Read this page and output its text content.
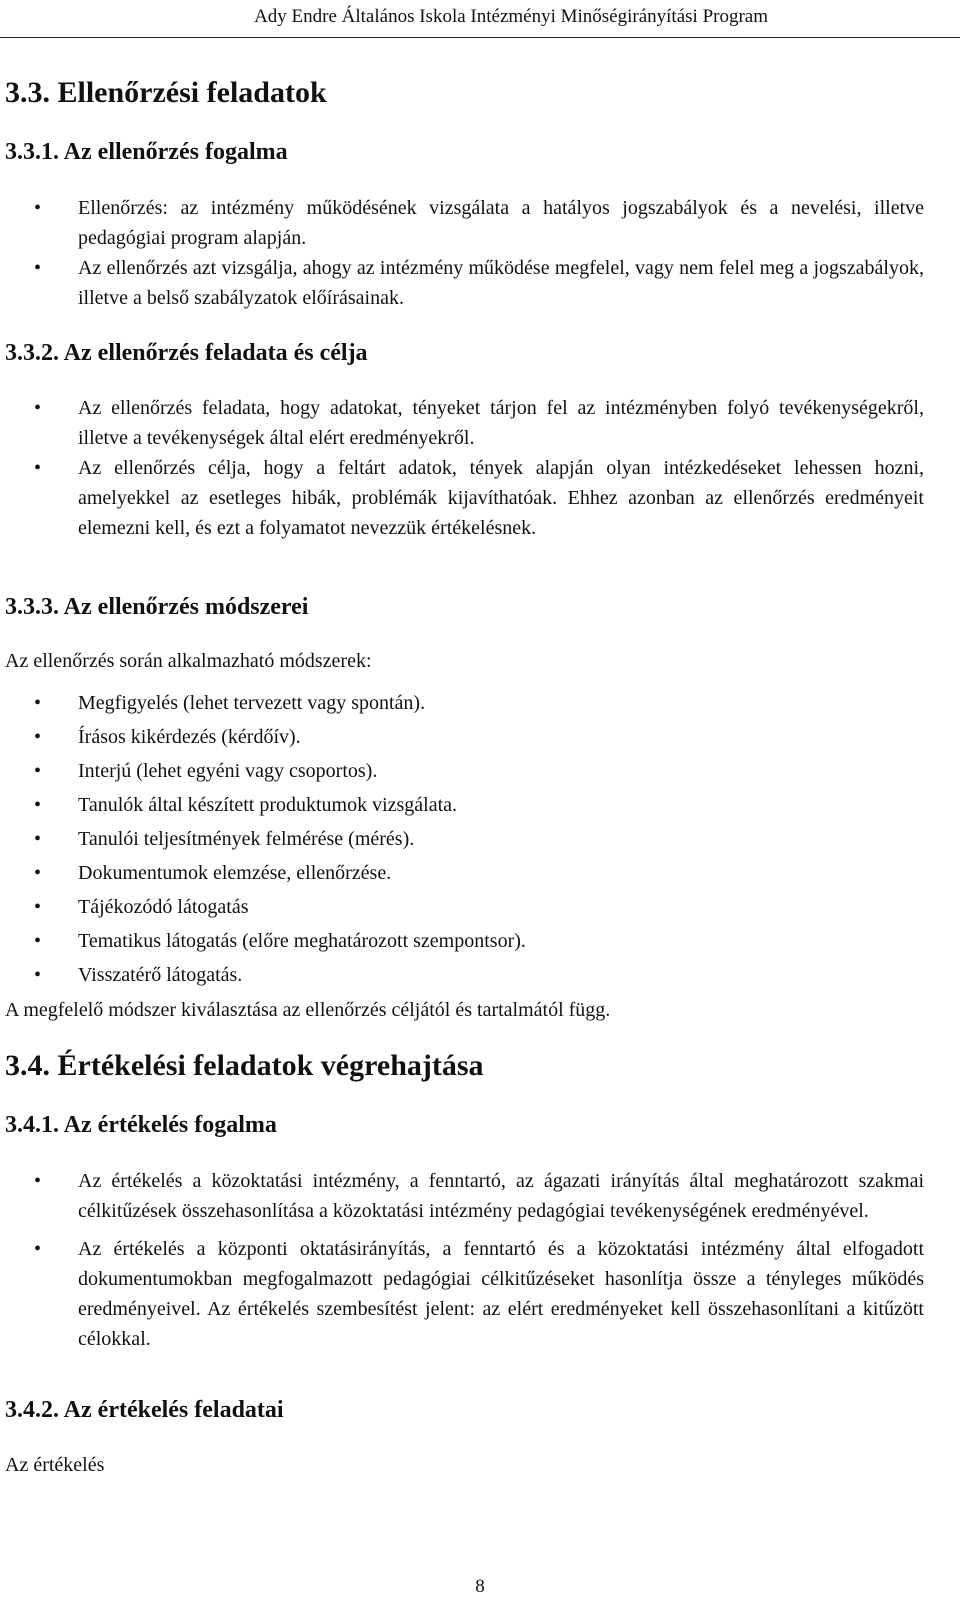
Ady Endre Általános Iskola Intézményi Minőségirányítási Program
3.3. Ellenőrzési feladatok
3.3.1. Az ellenőrzés fogalma
• Ellenőrzés: az intézmény működésének vizsgálata a hatályos jogszabályok és a nevelési, illetve pedagógiai program alapján.
• Az ellenőrzés azt vizsgálja, ahogy az intézmény működése megfelel, vagy nem felel meg a jogszabályok, illetve a belső szabályzatok előírásainak.
3.3.2. Az ellenőrzés feladata és célja
• Az ellenőrzés feladata, hogy adatokat, tényeket tárjon fel az intézményben folyó tevékenységekről, illetve a tevékenységek által elért eredményekről.
• Az ellenőrzés célja, hogy a feltárt adatok, tények alapján olyan intézkedéseket lehessen hozni, amelyekkel az esetleges hibák, problémák kijavíthatóak. Ehhez azonban az ellenőrzés eredményeit elemezni kell, és ezt a folyamatot nevezzük értékelésnek.
3.3.3. Az ellenőrzés módszerei
Az ellenőrzés során alkalmazható módszerek:
• Megfigyelés (lehet tervezett vagy spontán).
• Írásos kikérdezés (kérdőív).
• Interjú (lehet egyéni vagy csoportos).
• Tanulók által készített produktumok vizsgálata.
• Tanulói teljesítmények felmérése (mérés).
• Dokumentumok elemzése, ellenőrzése.
• Tájékozódó látogatás
• Tematikus látogatás (előre meghatározott szempontsor).
• Visszatérő látogatás.
A megfelelő módszer kiválasztása az ellenőrzés céljától és tartalmától függ.
3.4. Értékelési feladatok végrehajtása
3.4.1. Az értékelés fogalma
• Az értékelés a közoktatási intézmény, a fenntartó, az ágazati irányítás által meghatározott szakmai célkitűzések összehasonlítása a közoktatási intézmény pedagógiai tevékenységének eredményével.
• Az értékelés a központi oktatásirányítás, a fenntartó és a közoktatási intézmény által elfogadott dokumentumokban megfogalmazott pedagógiai célkitűzéseket hasonlítja össze a tényleges működés eredményeivel. Az értékelés szembesítést jelent: az elért eredményeket kell összehasonlítani a kitűzött célokkal.
3.4.2. Az értékelés feladatai
Az értékelés
8
